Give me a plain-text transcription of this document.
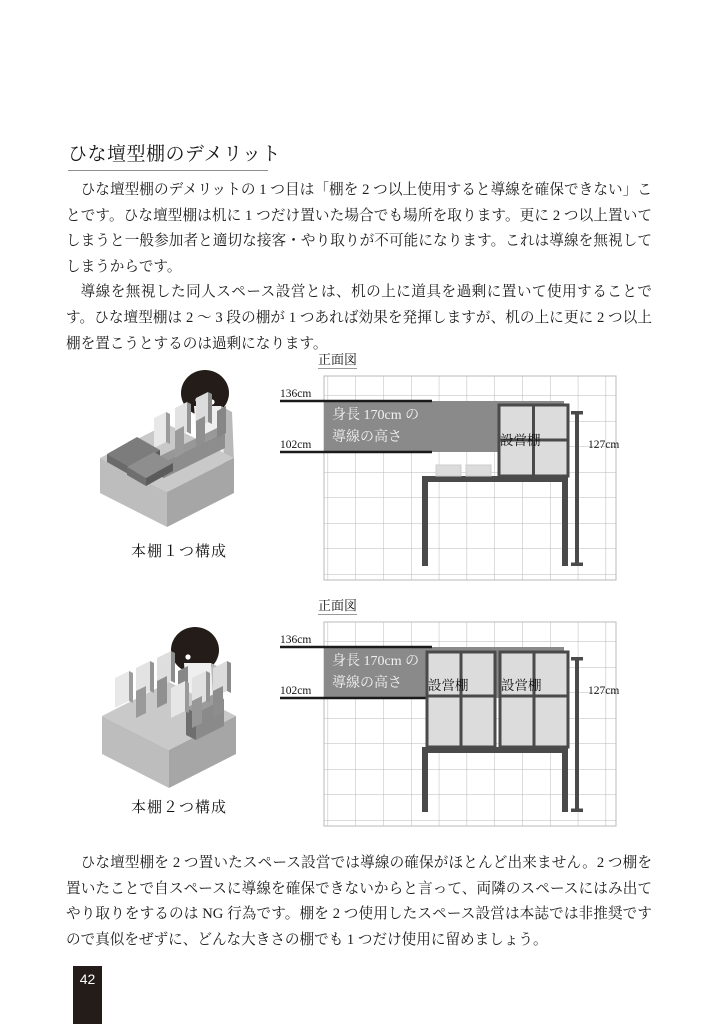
ひな壇型棚のデメリット

ひな壇型棚のデメリットの 1 つ目は「棚を 2 つ以上使用すると導線を確保できない」ことです。ひな壇型棚は机に 1 つだけ置いた場合でも場所を取ります。更に 2 つ以上置いてしまうと一般参加者と適切な接客・やり取りが不可能になります。これは導線を無視してしまうからです。

導線を無視した同人スペース設営とは、机の上に道具を過剰に置いて使用することです。ひな壇型棚は 2 〜 3 段の棚が 1 つあれば効果を発揮しますが、机の上に更に 2 つ以上棚を置こうとするのは過剰になります。

本棚１つ構成
正面図
身長 170cm の
導線の高さ
136cm
102cm	設営棚	127cm
本棚２つ構成
正面図
身長 170cm の
導線の高さ
136cm
102cm	設営棚 設営棚	127cm

ひな壇型棚を 2 つ置いたスペース設営では導線の確保がほとんど出来ません。2 つ棚を置いたことで自スペースに導線を確保できないからと言って、両隣のスペースにはみ出てやり取りをするのは NG 行為です。棚を 2 つ使用したスペース設営は本誌では非推奨ですので真似をぜずに、どんな大きさの棚でも 1 つだけ使用に留めましょう。

42
